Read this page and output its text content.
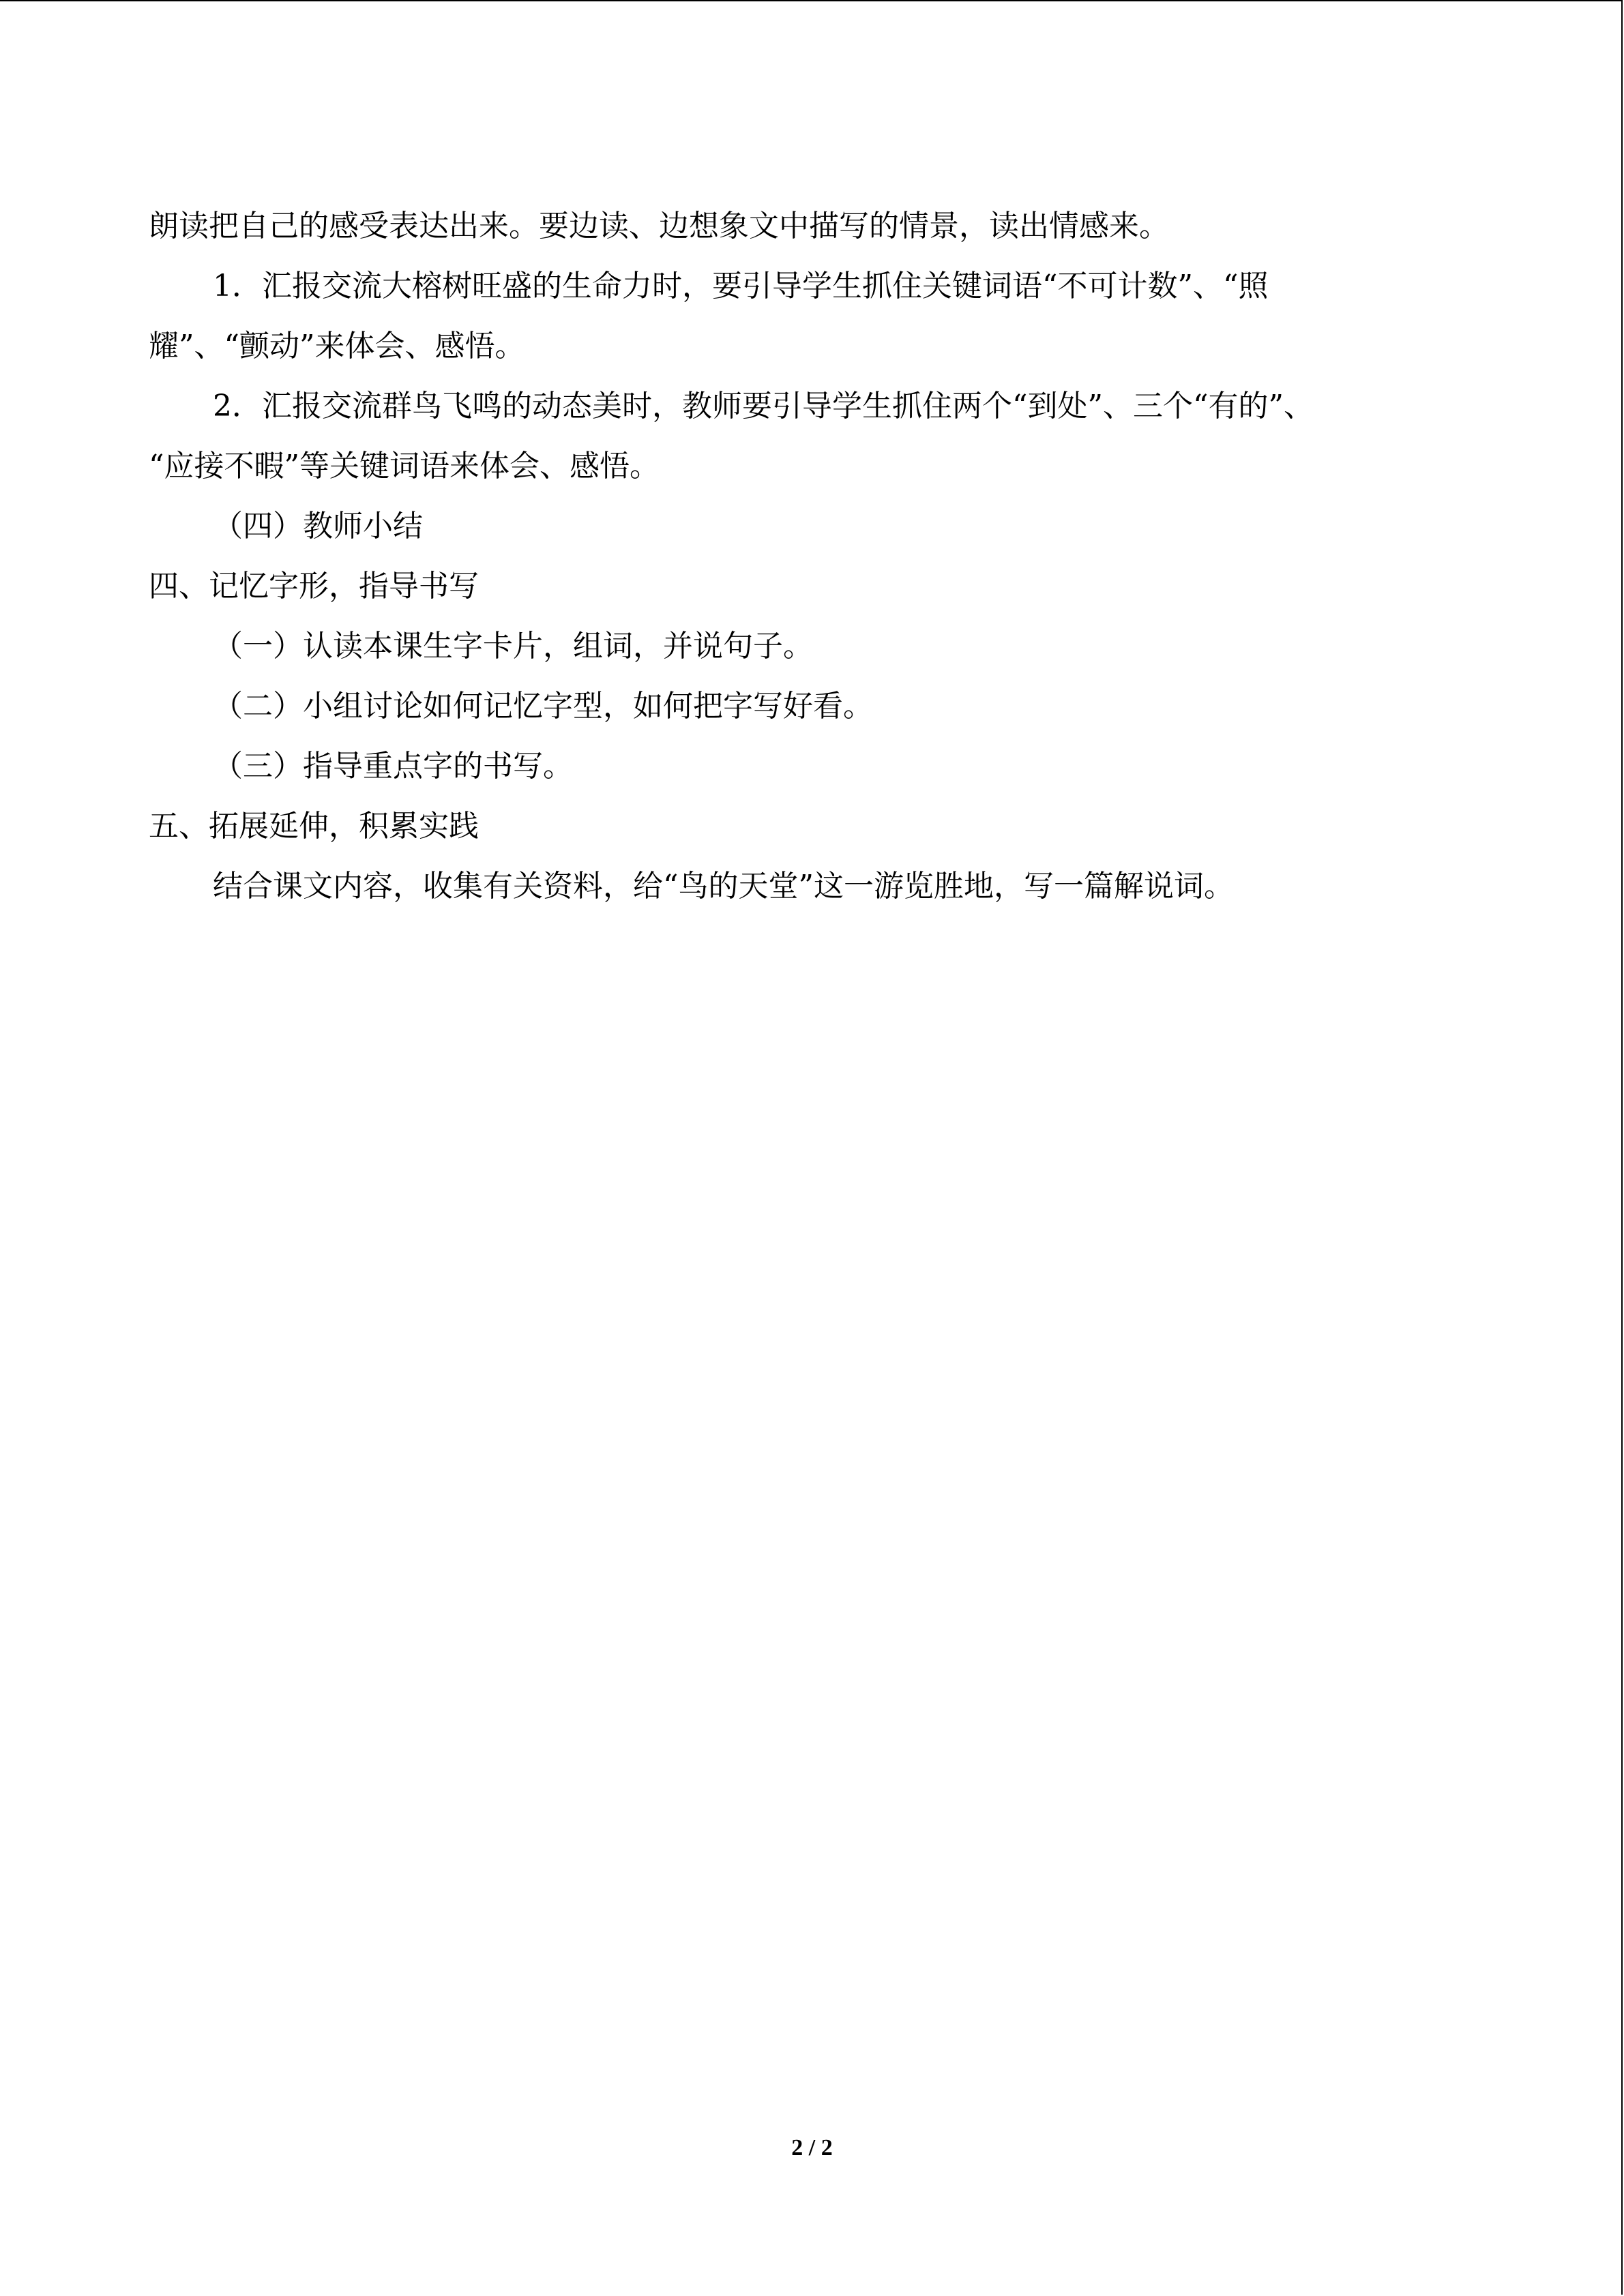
朗读把自己的感受表达出来。要边读、边想象文中描写的情景，读出情感来。
1．汇报交流大榕树旺盛的生命力时，要引导学生抓住关键词语“不可计数”、“照
耀”、“颤动”来体会、感悟。
2．汇报交流群鸟飞鸣的动态美时，教师要引导学生抓住两个“到处”、三个“有的”、
“应接不暇”等关键词语来体会、感悟。
（四）教师小结
四、记忆字形，指导书写
（一）认读本课生字卡片，组词，并说句子。
（二）小组讨论如何记忆字型，如何把字写好看。
（三）指导重点字的书写。
五、拓展延伸，积累实践
结合课文内容，收集有关资料，给“鸟的天堂”这一游览胜地，写一篇解说词。
2 / 2
